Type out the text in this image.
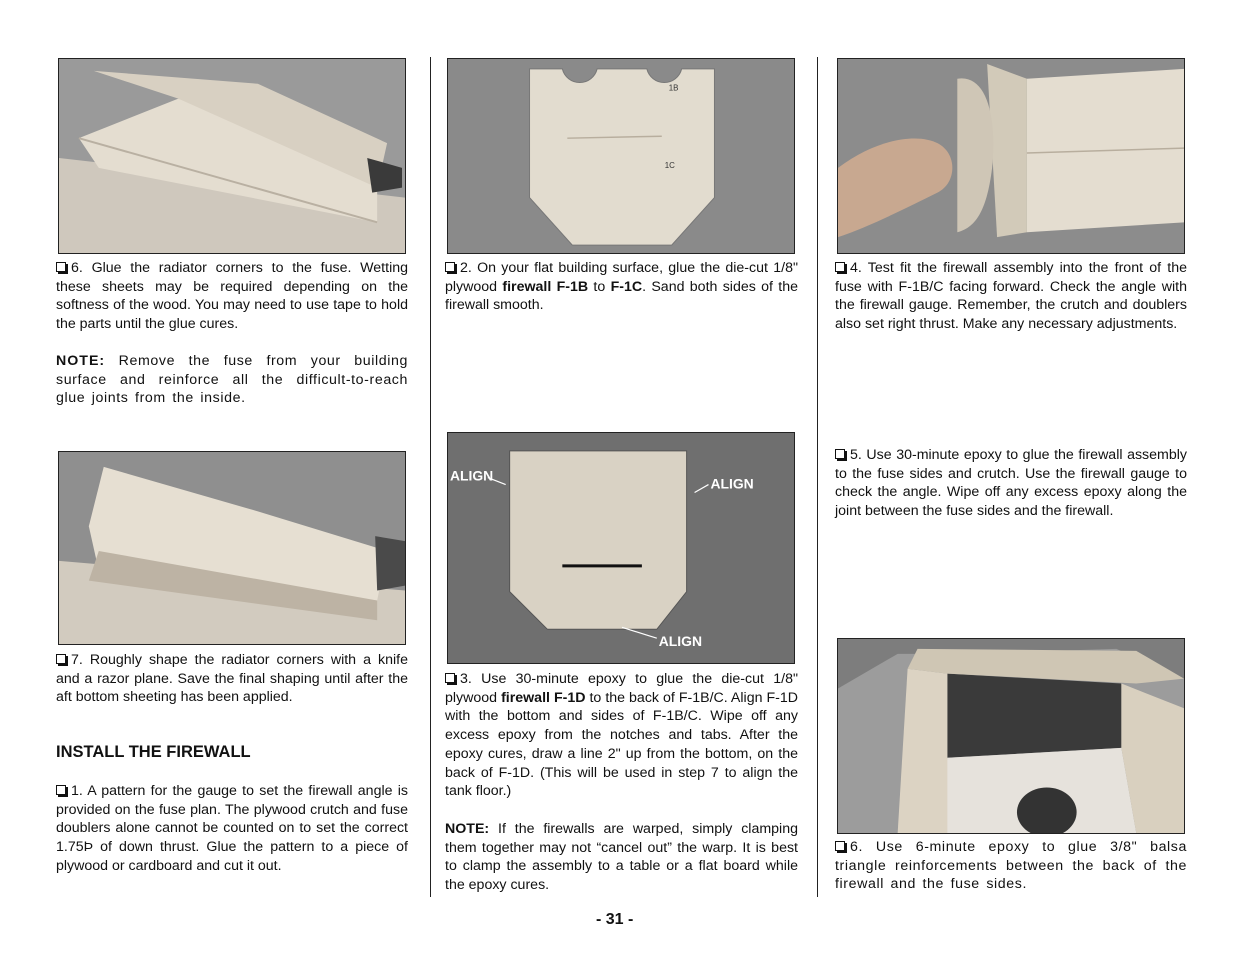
6. Glue the radiator corners to the fuse. Wetting these sheets may be required depending on the softness of the wood. You may need to use tape to hold the parts until the glue cures.

NOTE: Remove the fuse from your building surface and reinforce all the difficult-to-reach glue joints from the inside.

7. Roughly shape the radiator corners with a knife and a razor plane. Save the final shaping until after the aft bottom sheeting has been applied.

INSTALL THE FIREWALL

1. A pattern for the gauge to set the firewall angle is provided on the fuse plan. The plywood crutch and fuse doublers alone cannot be counted on to set the correct 1.75Þ of down thrust. Glue the pattern to a piece of plywood or cardboard and cut it out.

1B
1C

2. On your flat building surface, glue the die-cut 1/8" plywood firewall F-1B to F-1C. Sand both sides of the firewall smooth.

ALIGN	ALIGN
ALIGN

3. Use 30-minute epoxy to glue the die-cut 1/8" plywood firewall F-1D to the back of F-1B/C. Align F-1D with the bottom and sides of F-1B/C. Wipe off any excess epoxy from the notches and tabs. After the epoxy cures, draw a line 2" up from the bottom, on the back of F-1D. (This will be used in step 7 to align the tank floor.)

NOTE: If the firewalls are warped, simply clamping them together may not “cancel out” the warp. It is best to clamp the assembly to a table or a flat board while the epoxy cures.

4. Test fit the firewall assembly into the front of the fuse with F-1B/C facing forward. Check the angle with the firewall gauge. Remember, the crutch and doublers also set right thrust. Make any necessary adjustments.

5. Use 30-minute epoxy to glue the firewall assembly to the fuse sides and crutch. Use the firewall gauge to check the angle. Wipe off any excess epoxy along the joint between the fuse sides and the firewall.

6. Use 6-minute epoxy to glue 3/8" balsa triangle reinforcements between the back of the firewall and the fuse sides.

- 31 -
